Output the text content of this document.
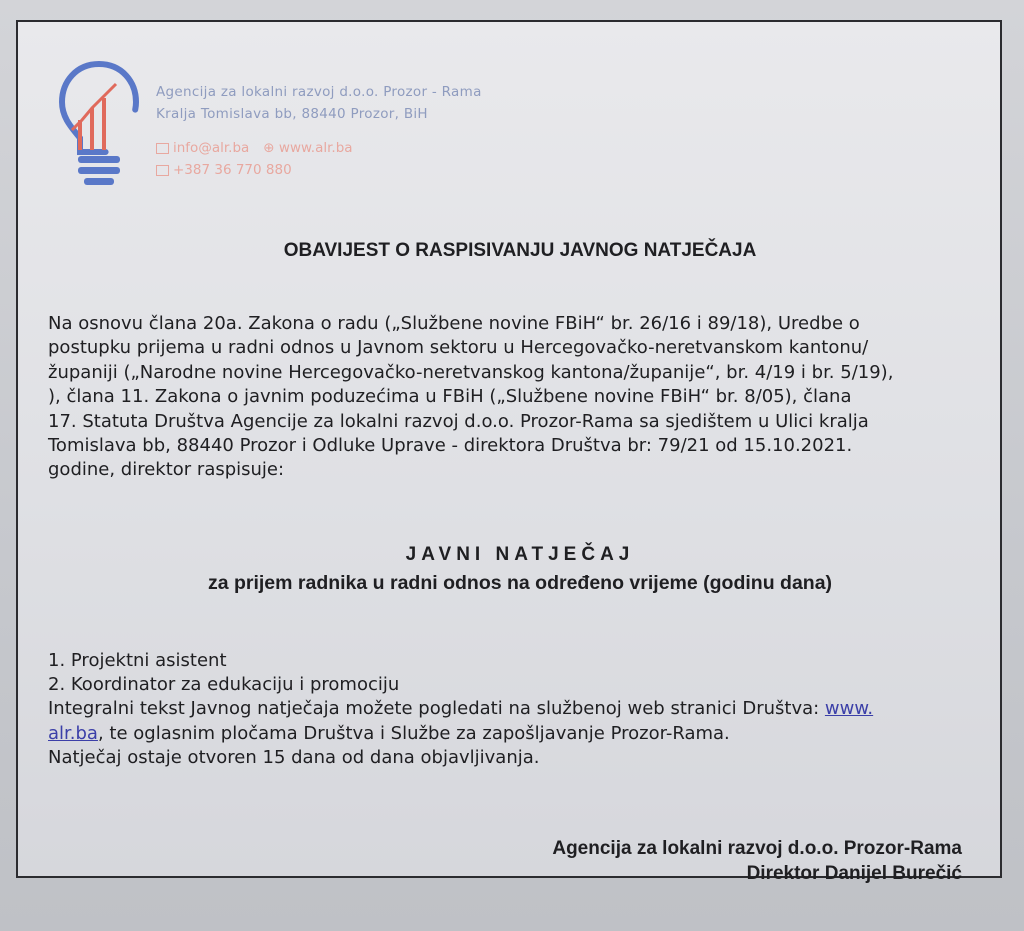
Agencija za lokalni razvoj d.o.o. Prozor - Rama
Kralja Tomislava bb, 88440 Prozor, BiH
info@alr.ba ⊕ www.alr.ba
+387 36 770 880
OBAVIJEST O RASPISIVANJU JAVNOG NATJEČAJA
Na osnovu člana 20a. Zakona o radu („Službene novine FBiH“ br. 26/16 i 89/18), Uredbe o
postupku prijema u radni odnos u Javnom sektoru u Hercegovačko-neretvanskom kantonu/
županiji („Narodne novine Hercegovačko-neretvanskog kantona/županije“, br. 4/19 i br. 5/19),
), člana 11. Zakona o javnim poduzećima u FBiH („Službene novine FBiH“ br. 8/05), člana
17. Statuta Društva Agencije za lokalni razvoj d.o.o. Prozor-Rama sa sjedištem u Ulici kralja
Tomislava bb, 88440 Prozor i Odluke Uprave - direktora Društva br: 79/21 od 15.10.2021.
godine, direktor raspisuje:
JAVNI NATJEČAJ
za prijem radnika u radni odnos na određeno vrijeme (godinu dana)
1. Projektni asistent
2. Koordinator za edukaciju i promociju
Integralni tekst Javnog natječaja možete pogledati na službenoj web stranici Društva: www.
alr.ba, te oglasnim pločama Društva i Službe za zapošljavanje Prozor-Rama.
Natječaj ostaje otvoren 15 dana od dana objavljivanja.
Agencija za lokalni razvoj d.o.o. Prozor-Rama
Direktor Danijel Burečić
